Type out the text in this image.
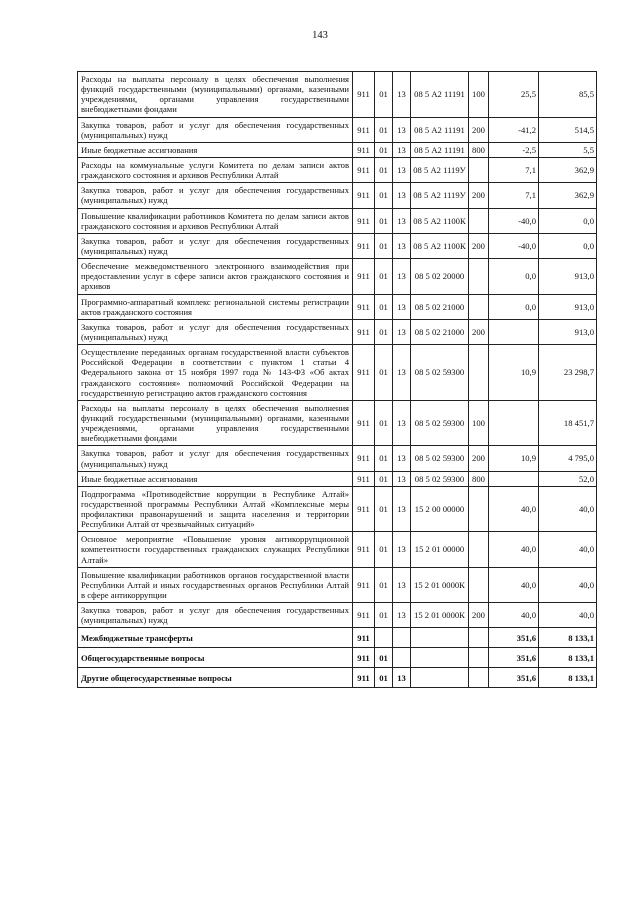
143
Расходы на выплаты персоналу в целях обеспечения выполнения функций государственными (муниципальными) органами, казенными учреждениями, органами управления государственными внебюджетными фондами	911	01	13	08 5 А2 11191	100	25,5	85,5
Закупка товаров, работ и услуг для обеспечения государственных (муниципальных) нужд	911	01	13	08 5 А2 11191	200	-41,2	514,5
Иные бюджетные ассигнования	911	01	13	08 5 А2 11191	800	-2,5	5,5
Расходы на коммунальные услуги Комитета по делам записи актов гражданского состояния и архивов Республики Алтай	911	01	13	08 5 А2 1119У		7,1	362,9
Закупка товаров, работ и услуг для обеспечения государственных (муниципальных) нужд	911	01	13	08 5 А2 1119У	200	7,1	362,9
Повышение квалификации работников Комитета по делам записи актов гражданского состояния и архивов Республики Алтай	911	01	13	08 5 А2 1100К		-40,0	0,0
Закупка товаров, работ и услуг для обеспечения государственных (муниципальных) нужд	911	01	13	08 5 А2 1100К	200	-40,0	0,0
Обеспечение межведомственного электронного взаимодействия при предоставлении услуг в сфере записи актов гражданского состояния и архивов	911	01	13	08 5 02 20000		0,0	913,0
Программно-аппаратный комплекс региональной системы регистрации актов гражданского состояния	911	01	13	08 5 02 21000		0,0	913,0
Закупка товаров, работ и услуг для обеспечения государственных (муниципальных) нужд	911	01	13	08 5 02 21000	200		913,0
Осуществление переданных органам государственной власти субъектов Российской Федерации в соответствии с пунктом 1 статьи 4 Федерального закона от 15 ноября 1997 года № 143-ФЗ «Об актах гражданского состояния» полномочий Российской Федерации на государственную регистрацию актов гражданского состояния	911	01	13	08 5 02 59300		10,9	23 298,7
Расходы на выплаты персоналу в целях обеспечения выполнения функций государственными (муниципальными) органами, казенными учреждениями, органами управления государственными внебюджетными фондами	911	01	13	08 5 02 59300	100		18 451,7
Закупка товаров, работ и услуг для обеспечения государственных (муниципальных) нужд	911	01	13	08 5 02 59300	200	10,9	4 795,0
Иные бюджетные ассигнования	911	01	13	08 5 02 59300	800		52,0
Подпрограмма «Противодействие коррупции в Республике Алтай» государственной программы Республики Алтай «Комплексные меры профилактики правонарушений и защита населения и территории Республики Алтай от чрезвычайных ситуаций»	911	01	13	15 2 00 00000		40,0	40,0
Основное мероприятие «Повышение уровня антикоррупционной компетентности государственных гражданских служащих Республики Алтай»	911	01	13	15 2 01 00000		40,0	40,0
Повышение квалификации работников органов государственной власти Республики Алтай и иных государственных органов Республики Алтай в сфере антикоррупции	911	01	13	15 2 01 0000К		40,0	40,0
Закупка товаров, работ и услуг для обеспечения государственных (муниципальных) нужд	911	01	13	15 2 01 0000К	200	40,0	40,0
Межбюджетные трансферты	911					351,6	8 133,1
Общегосударственные вопросы	911	01				351,6	8 133,1
Другие общегосударственные вопросы	911	01	13			351,6	8 133,1
